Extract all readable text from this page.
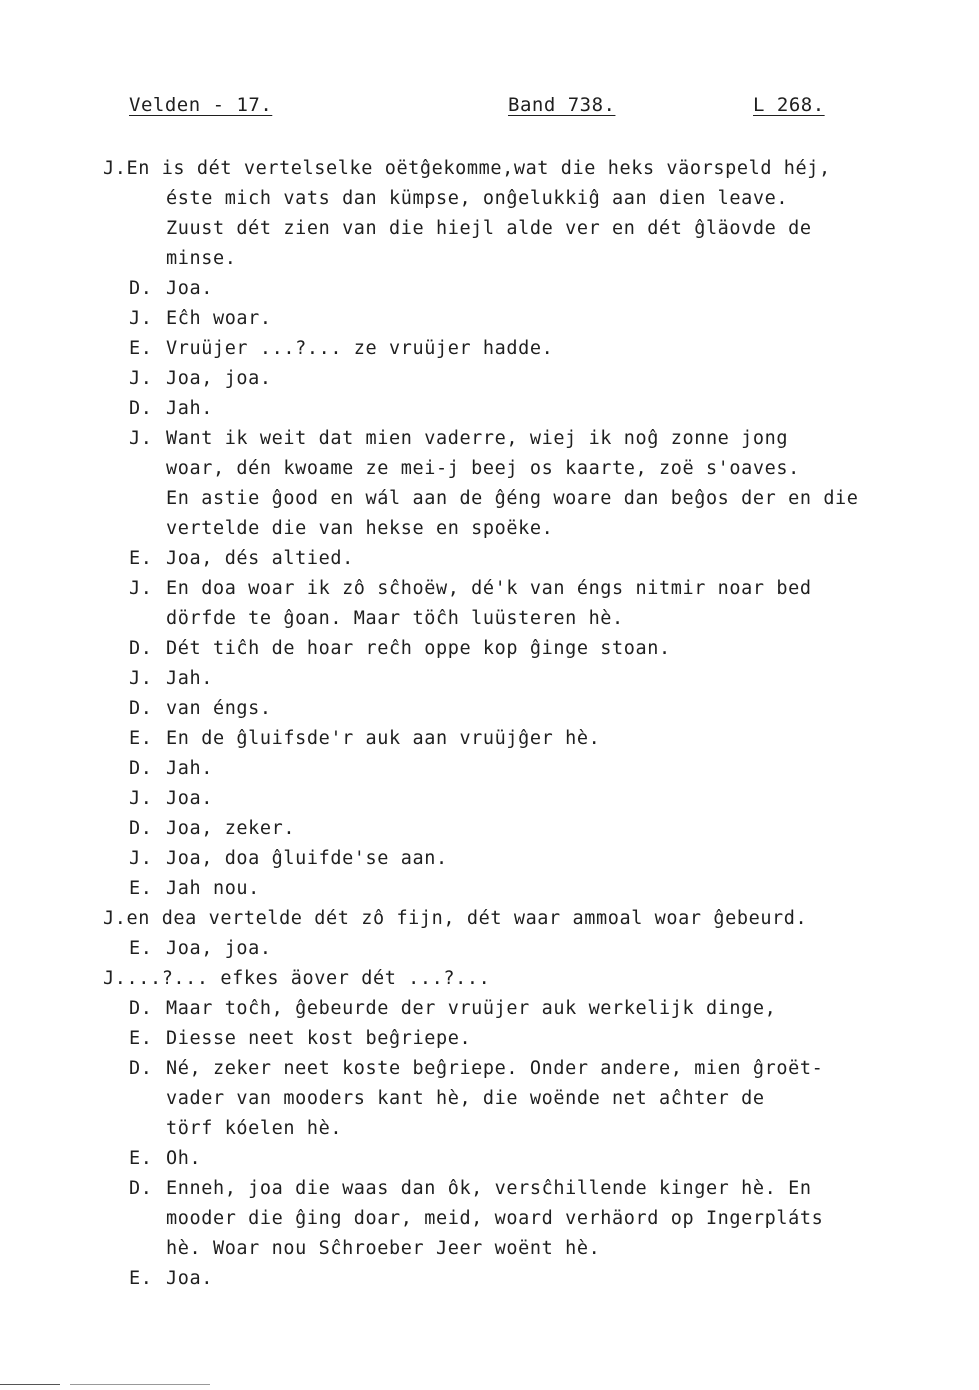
Velden - 17.	Band 738.	L 268.
J.En is dét vertelselke oëtĝekomme,wat die heks väorspeld héj,
éste mich vats dan kümpse, onĝelukkiĝ aan dien leave.
Zuust dét zien van die hiejl alde ver en dét ĝläovde de
minse.
D. Joa.
J. Eĉh woar.
E. Vruüjer ...?... ze vruüjer hadde.
J. Joa, joa.
D. Jah.
J. Want ik weit dat mien vaderre, wiej ik noĝ zonne jong
woar, dén kwoame ze mei-j beej os kaarte, zoë s'oaves.
En astie ĝood en wál aan de ĝéng woare dan beĝos der en die
vertelde die van hekse en spoëke.
E. Joa, dés altied.
J. En doa woar ik zô sĉhoëw, dé'k van éngs nitmir noar bed
dörfde te ĝoan. Maar töĉh luüsteren hè.
D. Dét tiĉh de hoar reĉh oppe kop ĝinge stoan.
J. Jah.
D. van éngs.
E. En de ĝluifsde'r auk aan vruüjĝer hè.
D. Jah.
J. Joa.
D. Joa, zeker.
J. Joa, doa ĝluifde'se aan.
E. Jah nou.
J.en dea vertelde dét zô fijn, dét waar ammoal woar ĝebeurd.
E. Joa, joa.
J....?... efkes äover dét ...?...
D. Maar toĉh, ĝebeurde der vruüjer auk werkelijk dinge,
E. Diesse neet kost beĝriepe.
D. Né, zeker neet koste beĝriepe. Onder andere, mien ĝroët-
vader van mooders kant hè, die woënde net aĉhter de
törf kóelen hè.
E. Oh.
D. Enneh, joa die waas dan ôk, versĉhillende kinger hè. En
mooder die ĝing doar, meid, woard verhäord op Ingerpláts
hè. Woar nou Sĉhroeber Jeer woënt hè.
E. Joa.
